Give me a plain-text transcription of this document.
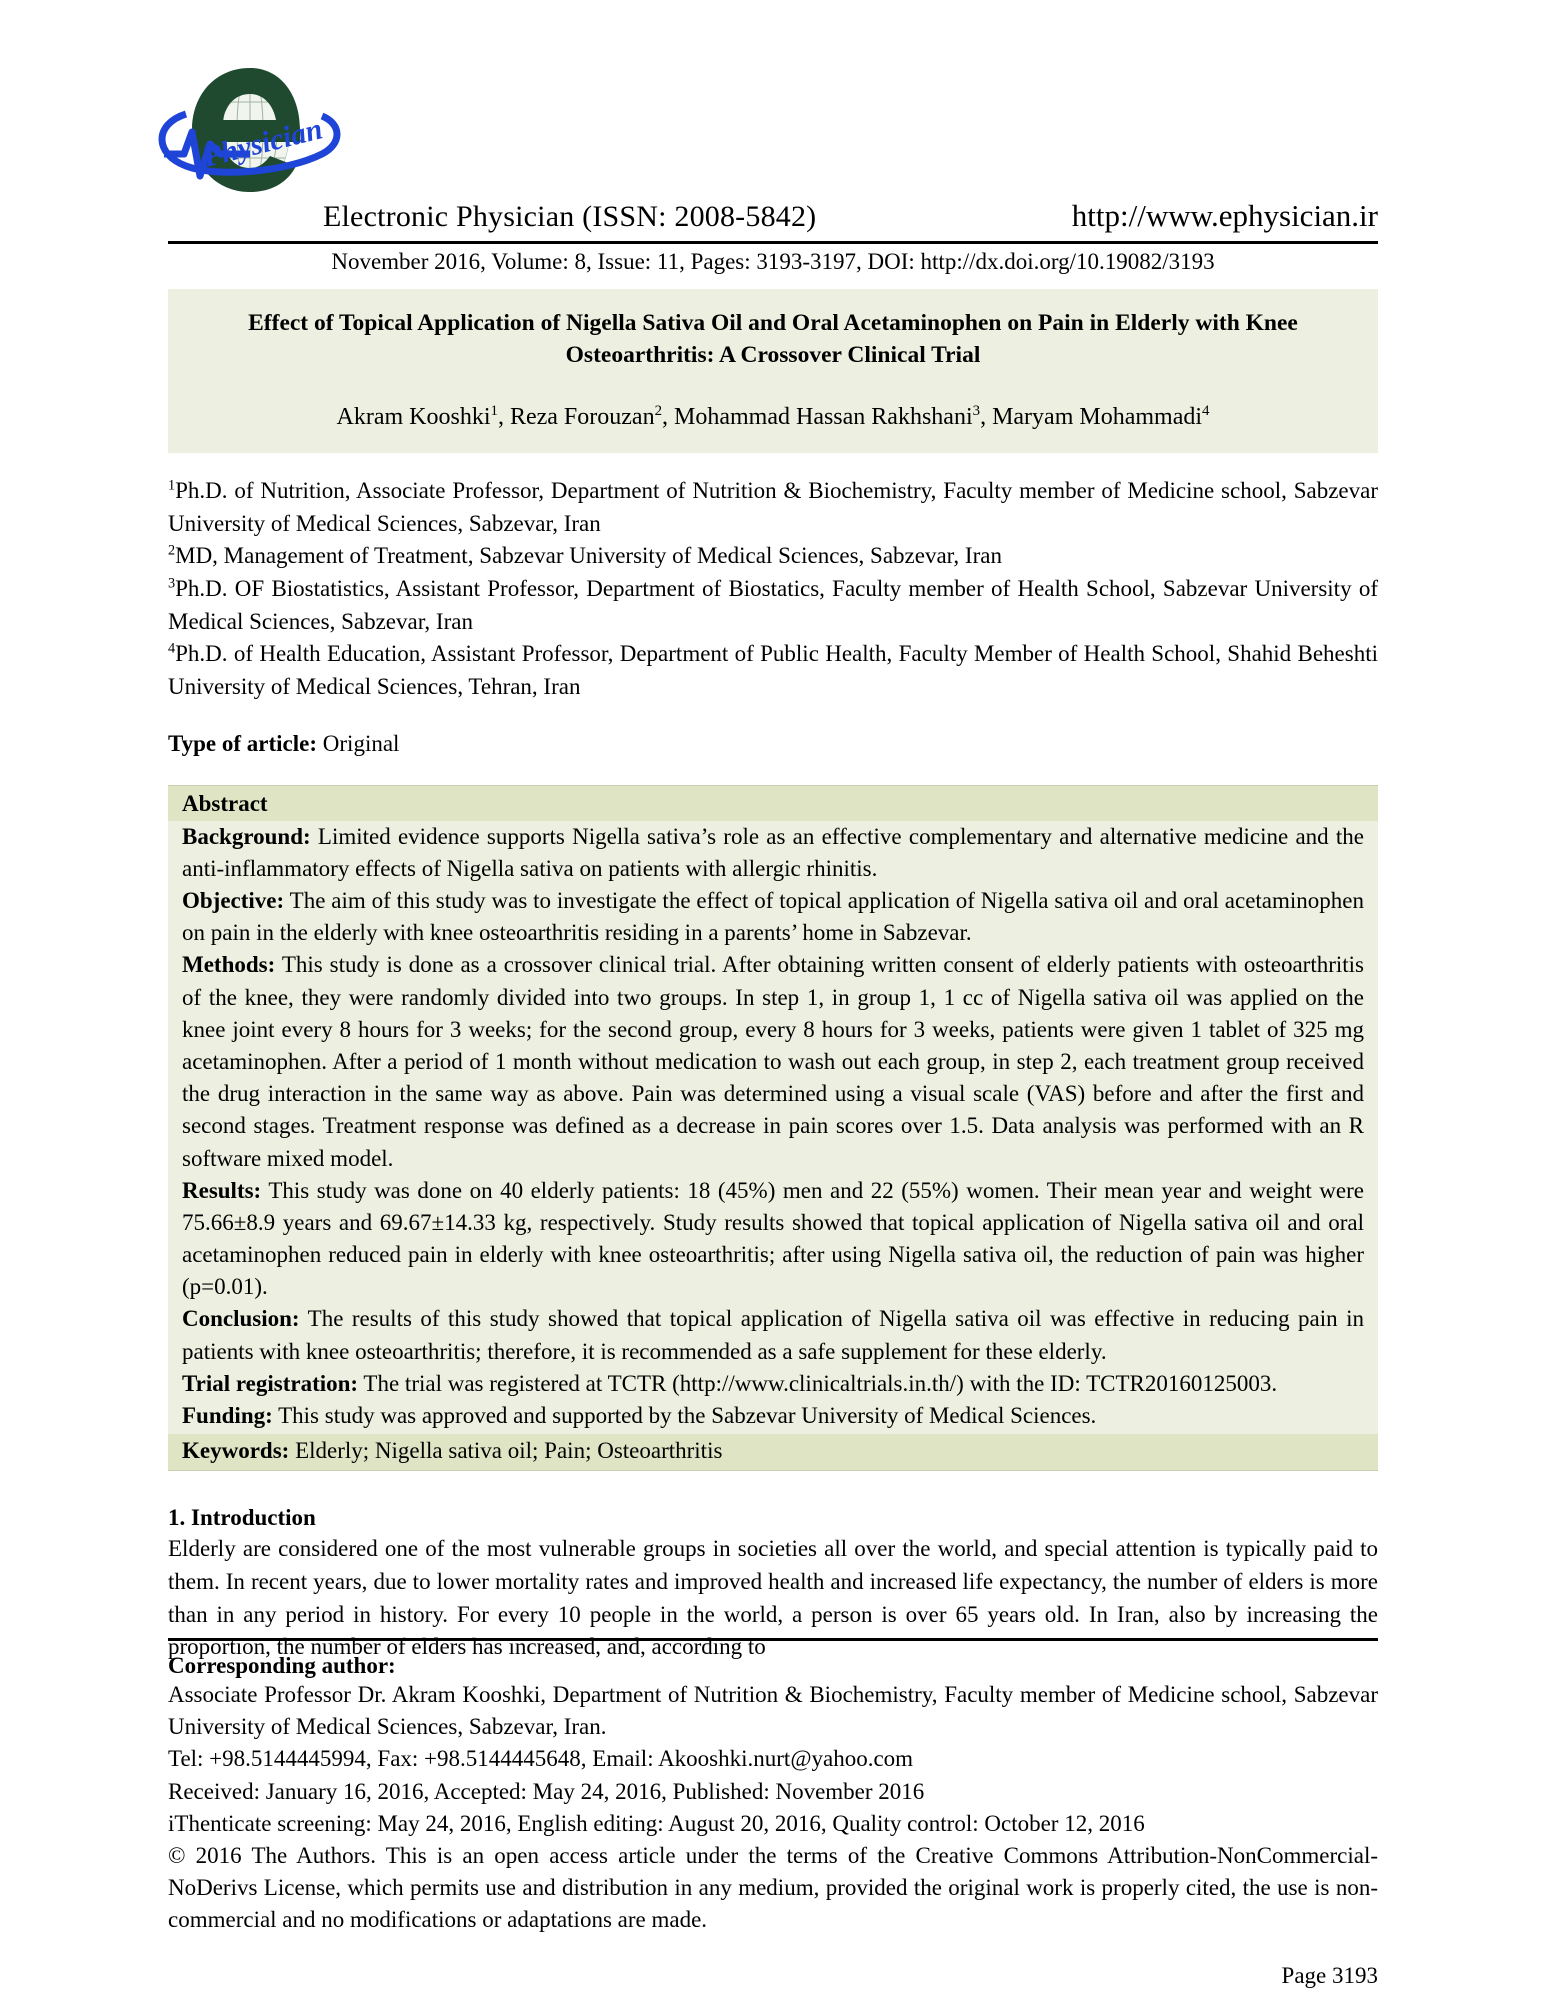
Physician
Electronic Physician (ISSN: 2008-5842)	http://www.ephysician.ir
November 2016, Volume: 8, Issue: 11, Pages: 3193-3197, DOI: http://dx.doi.org/10.19082/3193
Effect of Topical Application of Nigella Sativa Oil and Oral Acetaminophen on Pain in Elderly with Knee Osteoarthritis: A Crossover Clinical Trial
Akram Kooshki$^1$, Reza Forouzan$^2$, Mohammad Hassan Rakhshani$^3$, Maryam Mohammadi$^4$

$^1$Ph.D. of Nutrition, Associate Professor, Department of Nutrition & Biochemistry, Faculty member of Medicine school, Sabzevar University of Medical Sciences, Sabzevar, Iran

$^2$MD, Management of Treatment, Sabzevar University of Medical Sciences, Sabzevar, Iran

$^3$Ph.D. OF Biostatistics, Assistant Professor, Department of Biostatics, Faculty member of Health School, Sabzevar University of Medical Sciences, Sabzevar, Iran

$^4$Ph.D. of Health Education, Assistant Professor, Department of Public Health, Faculty Member of Health School, Shahid Beheshti University of Medical Sciences, Tehran, Iran

Type of article: Original
Abstract

Background: Limited evidence supports Nigella sativa’s role as an effective complementary and alternative medicine and the anti-inflammatory effects of Nigella sativa on patients with allergic rhinitis.

Objective: The aim of this study was to investigate the effect of topical application of Nigella sativa oil and oral acetaminophen on pain in the elderly with knee osteoarthritis residing in a parents’ home in Sabzevar.

Methods: This study is done as a crossover clinical trial. After obtaining written consent of elderly patients with osteoarthritis of the knee, they were randomly divided into two groups. In step 1, in group 1, 1 cc of Nigella sativa oil was applied on the knee joint every 8 hours for 3 weeks; for the second group, every 8 hours for 3 weeks, patients were given 1 tablet of 325 mg acetaminophen. After a period of 1 month without medication to wash out each group, in step 2, each treatment group received the drug interaction in the same way as above. Pain was determined using a visual scale (VAS) before and after the first and second stages. Treatment response was defined as a decrease in pain scores over 1.5. Data analysis was performed with an R software mixed model.

Results: This study was done on 40 elderly patients: 18 (45%) men and 22 (55%) women. Their mean year and weight were 75.66±8.9 years and 69.67±14.33 kg, respectively. Study results showed that topical application of Nigella sativa oil and oral acetaminophen reduced pain in elderly with knee osteoarthritis; after using Nigella sativa oil, the reduction of pain was higher (p=0.01).

Conclusion: The results of this study showed that topical application of Nigella sativa oil was effective in reducing pain in patients with knee osteoarthritis; therefore, it is recommended as a safe supplement for these elderly.

Trial registration: The trial was registered at TCTR (http://www.clinicaltrials.in.th/) with the ID: TCTR20160125003.

Funding: This study was approved and supported by the Sabzevar University of Medical Sciences.

Keywords: Elderly; Nigella sativa oil; Pain; Osteoarthritis
1. Introduction
Elderly are considered one of the most vulnerable groups in societies all over the world, and special attention is typically paid to them. In recent years, due to lower mortality rates and improved health and increased life expectancy, the number of elders is more than in any period in history. For every 10 people in the world, a person is over 65 years old. In Iran, also by increasing the proportion, the number of elders has increased, and, according to
Corresponding author:
Associate Professor Dr. Akram Kooshki, Department of Nutrition & Biochemistry, Faculty member of Medicine school, Sabzevar University of Medical Sciences, Sabzevar, Iran.
Tel: +98.5144445994, Fax: +98.5144445648, Email: Akooshki.nurt@yahoo.com
Received: January 16, 2016, Accepted: May 24, 2016, Published: November 2016
iThenticate screening: May 24, 2016, English editing: August 20, 2016, Quality control: October 12, 2016
© 2016 The Authors. This is an open access article under the terms of the Creative Commons Attribution-NonCommercial-NoDerivs License, which permits use and distribution in any medium, provided the original work is properly cited, the use is non-commercial and no modifications or adaptations are made.
Page 3193
